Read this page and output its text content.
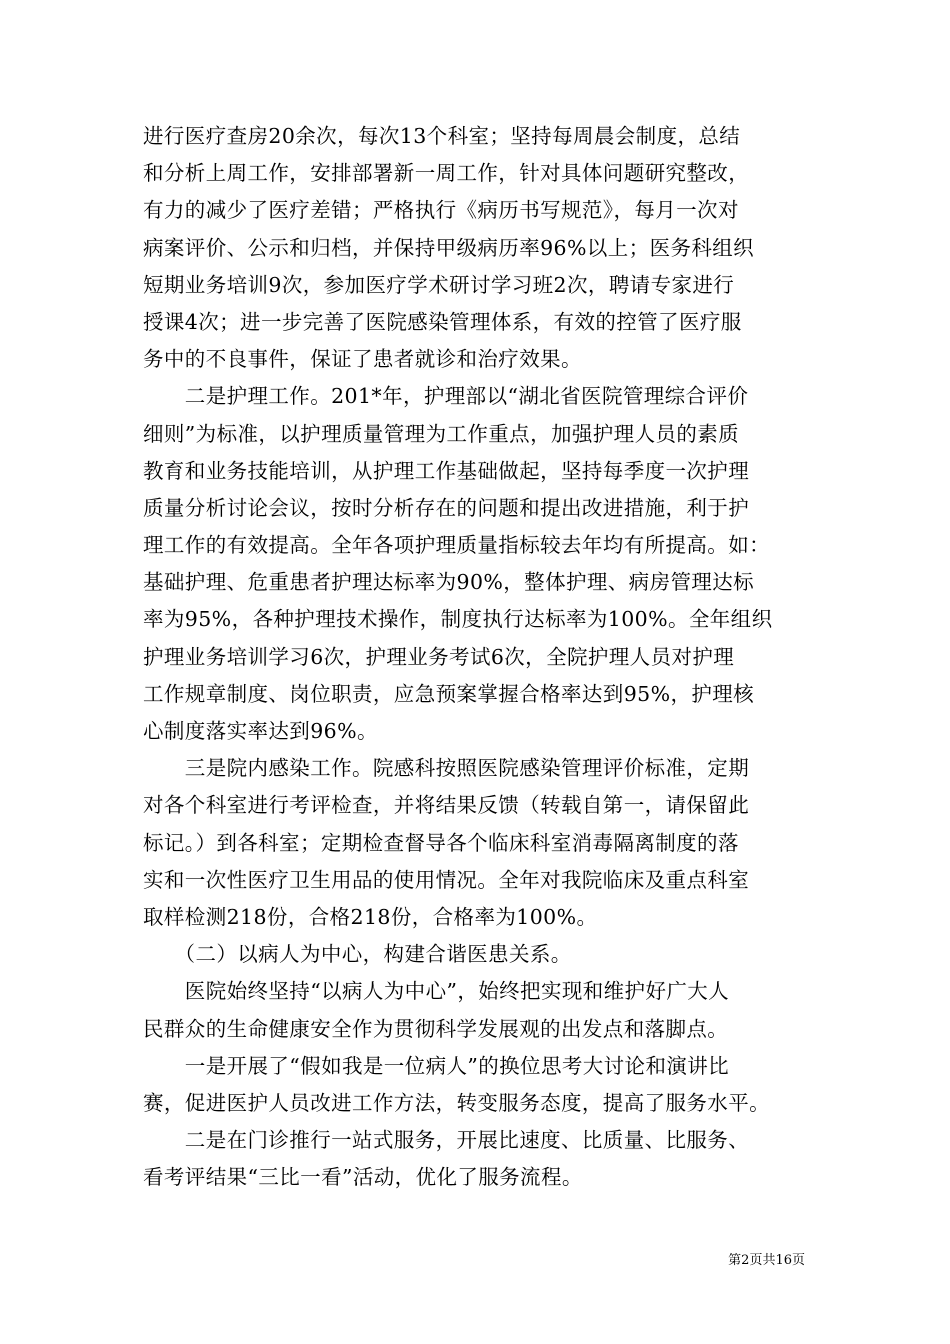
进行医疗查房20余次，每次13个科室；坚持每周晨会制度，总结
和分析上周工作，安排部署新一周工作，针对具体问题研究整改，
有力的减少了医疗差错；严格执行《病历书写规范》，每月一次对
病案评价、公示和归档，并保持甲级病历率96%以上；医务科组织
短期业务培训9次，参加医疗学术研讨学习班2次，聘请专家进行
授课4次；进一步完善了医院感染管理体系，有效的控管了医疗服
务中的不良事件，保证了患者就诊和治疗效果。
　　二是护理工作。201*年，护理部以“湖北省医院管理综合评价
细则”为标准，以护理质量管理为工作重点，加强护理人员的素质
教育和业务技能培训，从护理工作基础做起，坚持每季度一次护理
质量分析讨论会议，按时分析存在的问题和提出改进措施，利于护
理工作的有效提高。全年各项护理质量指标较去年均有所提高。如：
基础护理、危重患者护理达标率为90%，整体护理、病房管理达标
率为95%，各种护理技术操作，制度执行达标率为100%。全年组织
护理业务培训学习6次，护理业务考试6次，全院护理人员对护理
工作规章制度、岗位职责，应急预案掌握合格率达到95%，护理核
心制度落实率达到96%。
　　三是院内感染工作。院感科按照医院感染管理评价标准，定期
对各个科室进行考评检查，并将结果反馈（转载自第一，请保留此
标记。）到各科室；定期检查督导各个临床科室消毒隔离制度的落
实和一次性医疗卫生用品的使用情况。全年对我院临床及重点科室
取样检测218份，合格218份，合格率为100%。
　　（二）以病人为中心，构建合谐医患关系。
　　医院始终坚持“以病人为中心”，始终把实现和维护好广大人
民群众的生命健康安全作为贯彻科学发展观的出发点和落脚点。
　　一是开展了“假如我是一位病人”的换位思考大讨论和演讲比
赛，促进医护人员改进工作方法，转变服务态度，提高了服务水平。
　　二是在门诊推行一站式服务，开展比速度、比质量、比服务、
看考评结果“三比一看”活动，优化了服务流程。
第2页共16页
